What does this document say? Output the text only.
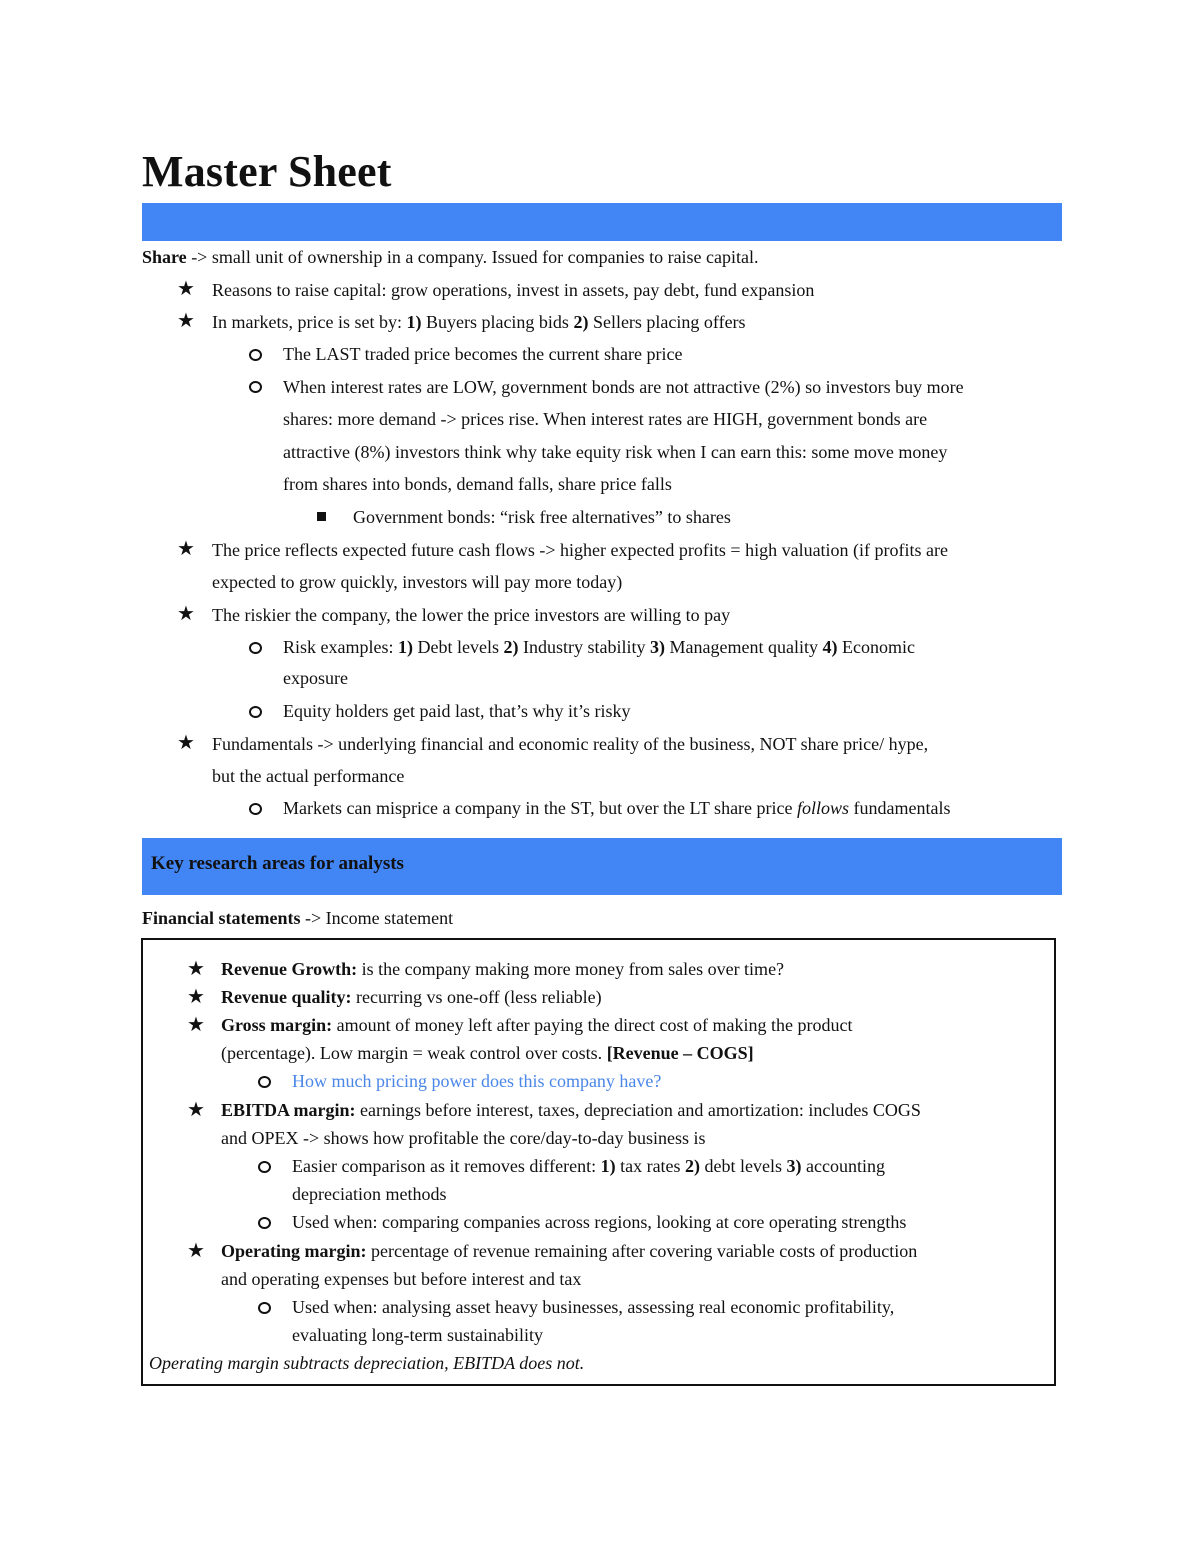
Master Sheet
Share -> small unit of ownership in a company. Issued for companies to raise capital.
★ Reasons to raise capital: grow operations, invest in assets, pay debt, fund expansion
★ In markets, price is set by: 1) Buyers placing bids 2) Sellers placing offers
The LAST traded price becomes the current share price
When interest rates are LOW, government bonds are not attractive (2%) so investors buy more
shares: more demand -> prices rise. When interest rates are HIGH, government bonds are
attractive (8%) investors think why take equity risk when I can earn this: some move money
from shares into bonds, demand falls, share price falls
Government bonds: “risk free alternatives” to shares
★ The price reflects expected future cash flows -> higher expected profits = high valuation (if profits are
expected to grow quickly, investors will pay more today)
★ The riskier the company, the lower the price investors are willing to pay
Risk examples: 1) Debt levels 2) Industry stability 3) Management quality 4) Economic
exposure
Equity holders get paid last, that’s why it’s risky
★ Fundamentals -> underlying financial and economic reality of the business, NOT share price/ hype,
but the actual performance
Markets can misprice a company in the ST, but over the LT share price follows fundamentals
Key research areas for analysts
Financial statements -> Income statement
★ Revenue Growth: is the company making more money from sales over time?
★ Revenue quality: recurring vs one-off (less reliable)
★ Gross margin: amount of money left after paying the direct cost of making the product
(percentage). Low margin = weak control over costs. [Revenue – COGS]
How much pricing power does this company have?
★ EBITDA margin: earnings before interest, taxes, depreciation and amortization: includes COGS
and OPEX -> shows how profitable the core/day-to-day business is
Easier comparison as it removes different: 1) tax rates 2) debt levels 3) accounting
depreciation methods
Used when: comparing companies across regions, looking at core operating strengths
★ Operating margin: percentage of revenue remaining after covering variable costs of production
and operating expenses but before interest and tax
Used when: analysing asset heavy businesses, assessing real economic profitability,
evaluating long-term sustainability
Operating margin subtracts depreciation, EBITDA does not.
